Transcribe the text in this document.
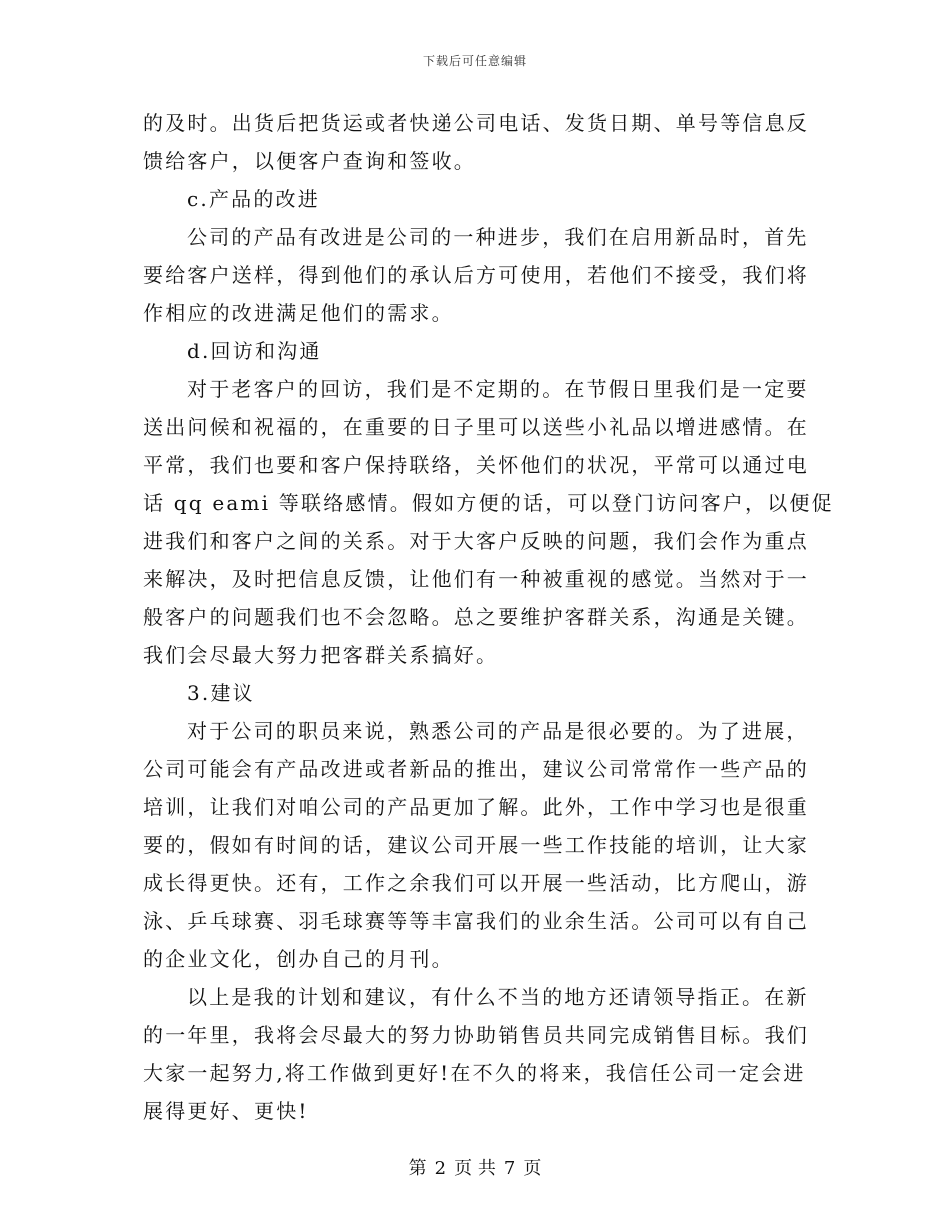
下载后可任意编辑
的及时。出货后把货运或者快递公司电话、发货日期、单号等信息反
馈给客户，以便客户查询和签收。
c.产品的改进
公司的产品有改进是公司的一种进步，我们在启用新品时，首先
要给客户送样，得到他们的承认后方可使用，若他们不接受，我们将
作相应的改进满足他们的需求。
d.回访和沟通
对于老客户的回访，我们是不定期的。在节假日里我们是一定要
送出问候和祝福的，在重要的日子里可以送些小礼品以增进感情。在
平常，我们也要和客户保持联络，关怀他们的状况，平常可以通过电
话 qq eami 等联络感情。假如方便的话，可以登门访问客户，以便促
进我们和客户之间的关系。对于大客户反映的问题，我们会作为重点
来解决，及时把信息反馈，让他们有一种被重视的感觉。当然对于一
般客户的问题我们也不会忽略。总之要维护客群关系，沟通是关键。
我们会尽最大努力把客群关系搞好。
3.建议
对于公司的职员来说，熟悉公司的产品是很必要的。为了进展，
公司可能会有产品改进或者新品的推出，建议公司常常作一些产品的
培训，让我们对咱公司的产品更加了解。此外，工作中学习也是很重
要的，假如有时间的话，建议公司开展一些工作技能的培训，让大家
成长得更快。还有，工作之余我们可以开展一些活动，比方爬山，游
泳、乒乓球赛、羽毛球赛等等丰富我们的业余生活。公司可以有自己
的企业文化，创办自己的月刊。
以上是我的计划和建议，有什么不当的地方还请领导指正。在新
的一年里，我将会尽最大的努力协助销售员共同完成销售目标。我们
大家一起努力,将工作做到更好!在不久的将来，我信任公司一定会进
展得更好、更快!
第 2 页 共 7 页
